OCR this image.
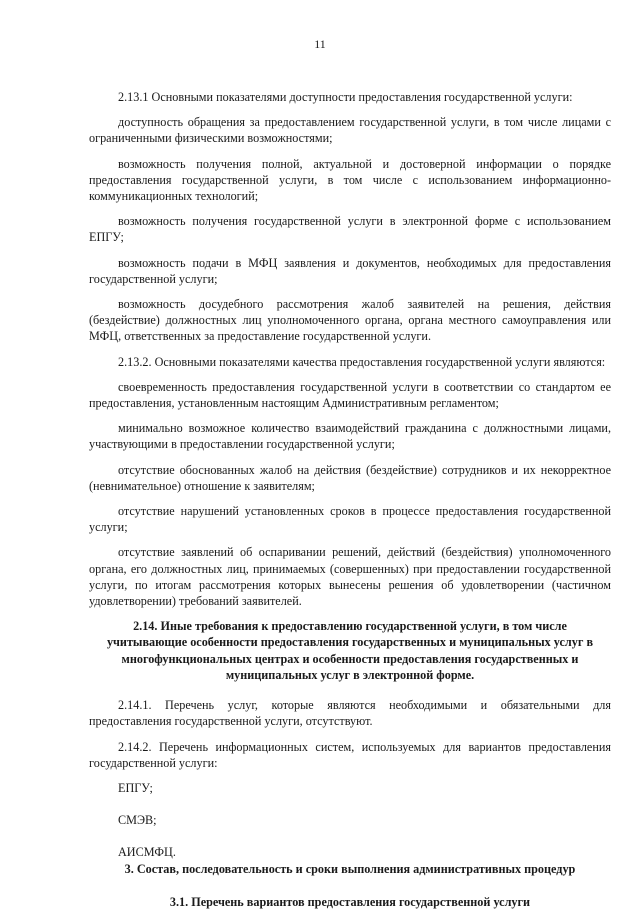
11

2.13.1 Основными показателями доступности предоставления государственной услуги:

доступность обращения за предоставлением государственной услуги, в том числе лицами с ограниченными физическими возможностями;

возможность получения полной, актуальной и достоверной информации о порядке предоставления государственной услуги, в том числе с использованием информационно-коммуникационных технологий;

возможность получения государственной услуги в электронной форме с использованием ЕПГУ;

возможность подачи в МФЦ заявления и документов, необходимых для предоставления государственной услуги;

возможность досудебного рассмотрения жалоб заявителей на решения, действия (бездействие) должностных лиц уполномоченного органа, органа местного самоуправления или МФЦ, ответственных за предоставление государственной услуги.

2.13.2. Основными показателями качества предоставления государственной услуги являются:

своевременность предоставления государственной услуги в соответствии со стандартом ее предоставления, установленным настоящим Административным регламентом;

минимально возможное количество взаимодействий гражданина с должностными лицами, участвующими в предоставлении государственной услуги;

отсутствие обоснованных жалоб на действия (бездействие) сотрудников и их некорректное (невнимательное) отношение к заявителям;

отсутствие нарушений установленных сроков в процессе предоставления государственной услуги;

отсутствие заявлений об оспаривании решений, действий (бездействия) уполномоченного органа, его должностных лиц, принимаемых (совершенных) при предоставлении государственной услуги, по итогам рассмотрения которых вынесены решения об удовлетворении (частичном удовлетворении) требований заявителей.

2.14. Иные требования к предоставлению государственной услуги, в том числе учитывающие особенности предоставления государственных и муниципальных услуг в многофункциональных центрах и особенности предоставления государственных и муниципальных услуг в электронной форме.

2.14.1. Перечень услуг, которые являются необходимыми и обязательными для предоставления государственной услуги, отсутствуют.

2.14.2. Перечень информационных систем, используемых для вариантов предоставления государственной услуги:

ЕПГУ;

СМЭВ;

АИСМФЦ.

3. Состав, последовательность и сроки выполнения административных процедур

3.1. Перечень вариантов предоставления государственной услуги
